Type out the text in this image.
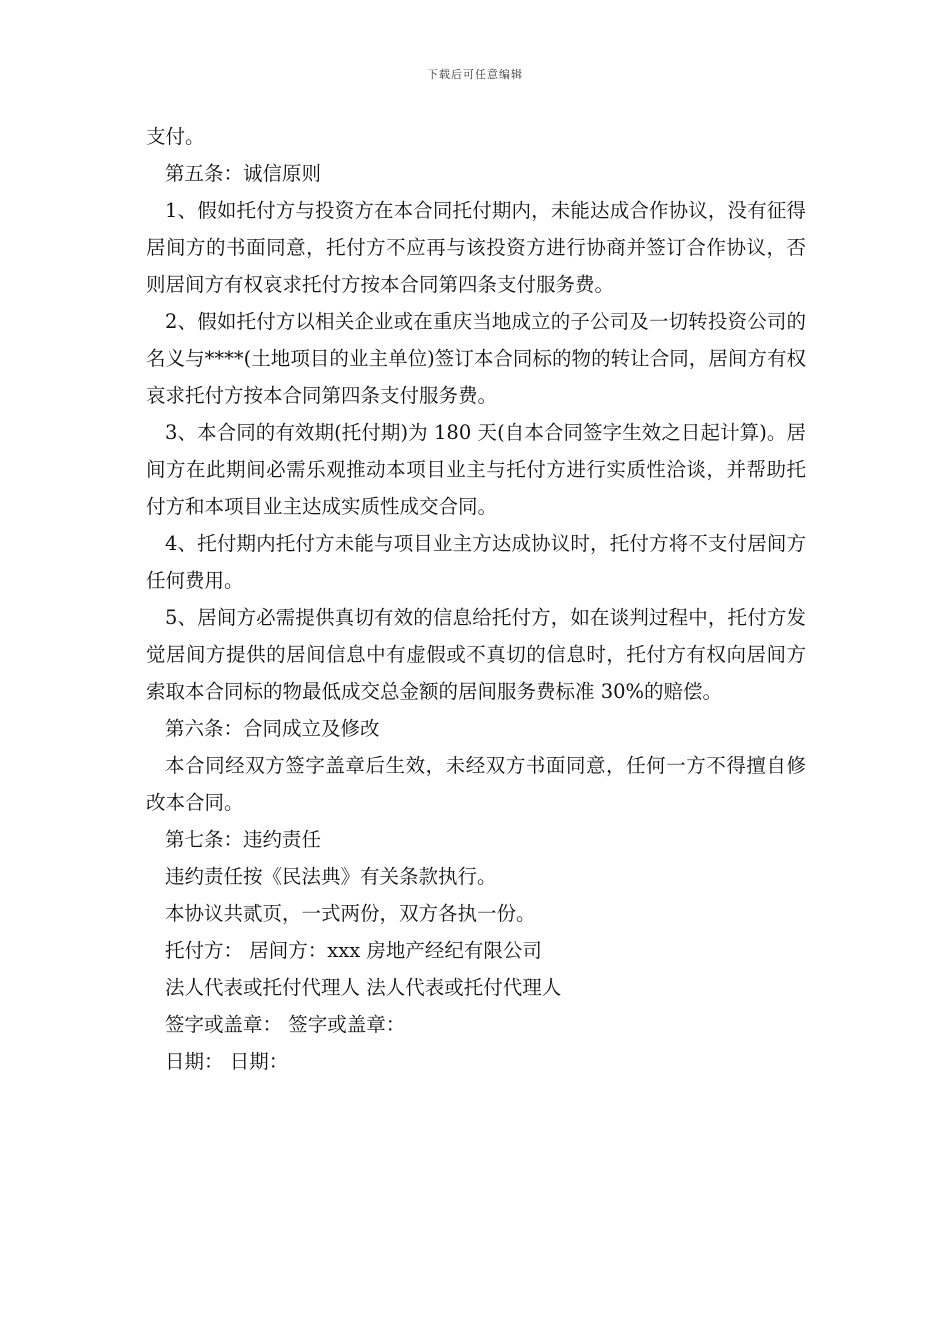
下载后可任意编辑

支付。

第五条：诚信原则

1、假如托付方与投资方在本合同托付期内，未能达成合作协议，没有征得居间方的书面同意，托付方不应再与该投资方进行协商并签订合作协议，否则居间方有权哀求托付方按本合同第四条支付服务费。

2、假如托付方以相关企业或在重庆当地成立的子公司及一切转投资公司的名义与****(土地项目的业主单位)签订本合同标的物的转让合同，居间方有权哀求托付方按本合同第四条支付服务费。

3、本合同的有效期(托付期)为 180 天(自本合同签字生效之日起计算)。居间方在此期间必需乐观推动本项目业主与托付方进行实质性洽谈，并帮助托付方和本项目业主达成实质性成交合同。

4、托付期内托付方未能与项目业主方达成协议时，托付方将不支付居间方任何费用。

5、居间方必需提供真切有效的信息给托付方，如在谈判过程中，托付方发觉居间方提供的居间信息中有虚假或不真切的信息时，托付方有权向居间方索取本合同标的物最低成交总金额的居间服务费标准 30%的赔偿。

第六条：合同成立及修改

本合同经双方签字盖章后生效，未经双方书面同意，任何一方不得擅自修改本合同。

第七条：违约责任

违约责任按《民法典》有关条款执行。

本协议共贰页，一式两份，双方各执一份。

托付方： 居间方：xxx 房地产经纪有限公司

法人代表或托付代理人 法人代表或托付代理人

签字或盖章： 签字或盖章：

日期： 日期：
